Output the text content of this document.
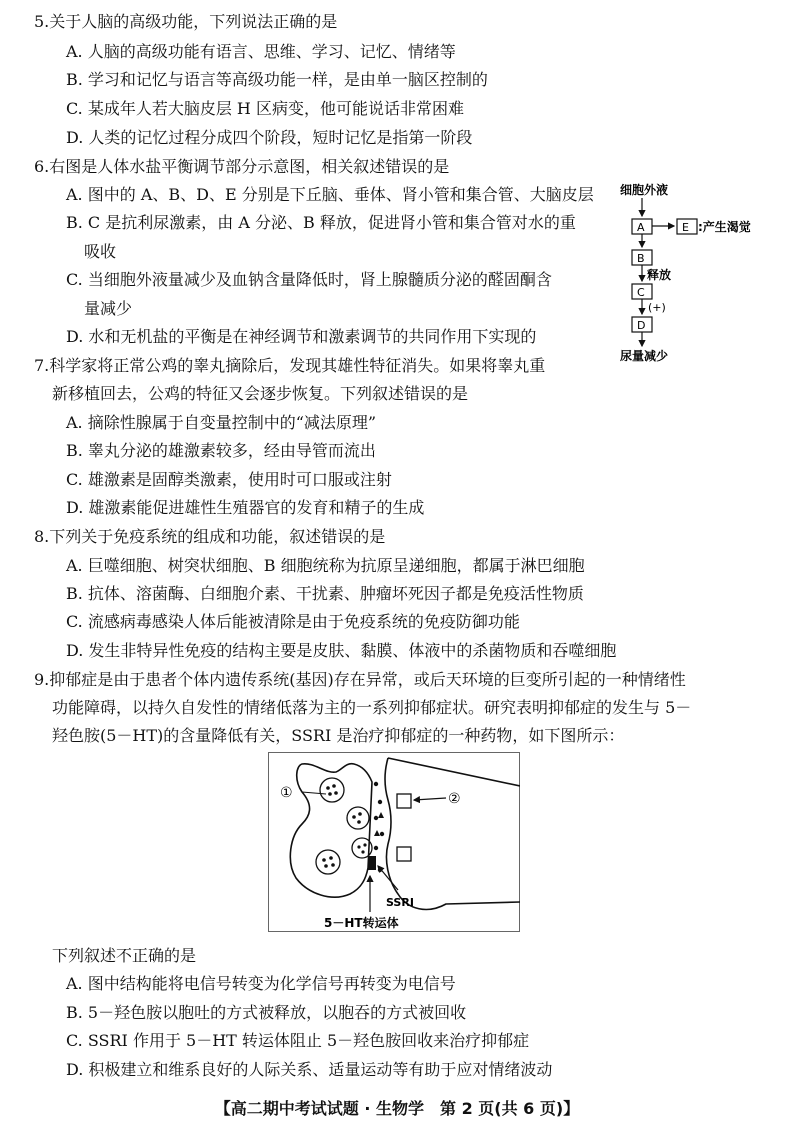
5.关于人脑的高级功能，下列说法正确的是
A. 人脑的高级功能有语言、思维、学习、记忆、情绪等
B. 学习和记忆与语言等高级功能一样，是由单一脑区控制的
C. 某成年人若大脑皮层 H 区病变，他可能说话非常困难
D. 人类的记忆过程分成四个阶段，短时记忆是指第一阶段
6.右图是人体水盐平衡调节部分示意图，相关叙述错误的是
A. 图中的 A、B、D、E 分别是下丘脑、垂体、肾小管和集合管、大脑皮层
B. C 是抗利尿激素，由 A 分泌、B 释放，促进肾小管和集合管对水的重
吸收
C. 当细胞外液量减少及血钠含量降低时，肾上腺髓质分泌的醛固酮含
量减少
D. 水和无机盐的平衡是在神经调节和激素调节的共同作用下实现的
细胞外液
A	E :产生渴觉
B
释放
C
(+)
D
尿量减少
7.科学家将正常公鸡的睾丸摘除后，发现其雄性特征消失。如果将睾丸重
新移植回去，公鸡的特征又会逐步恢复。下列叙述错误的是
A. 摘除性腺属于自变量控制中的“减法原理”
B. 睾丸分泌的雄激素较多，经由导管而流出
C. 雄激素是固醇类激素，使用时可口服或注射
D. 雄激素能促进雄性生殖器官的发育和精子的生成
8.下列关于免疫系统的组成和功能，叙述错误的是
A. 巨噬细胞、树突状细胞、B 细胞统称为抗原呈递细胞，都属于淋巴细胞
B. 抗体、溶菌酶、白细胞介素、干扰素、肿瘤坏死因子都是免疫活性物质
C. 流感病毒感染人体后能被清除是由于免疫系统的免疫防御功能
D. 发生非特异性免疫的结构主要是皮肤、黏膜、体液中的杀菌物质和吞噬细胞
9.抑郁症是由于患者个体内遗传系统(基因)存在异常，或后天环境的巨变所引起的一种情绪性
功能障碍，以持久自发性的情绪低落为主的一系列抑郁症状。研究表明抑郁症的发生与 5－
羟色胺(5－HT)的含量降低有关，SSRI 是治疗抑郁症的一种药物，如下图所示：
①	②
SSRI
5－HT转运体
下列叙述不正确的是
A. 图中结构能将电信号转变为化学信号再转变为电信号
B. 5－羟色胺以胞吐的方式被释放，以胞吞的方式被回收
C. SSRI 作用于 5－HT 转运体阻止 5－羟色胺回收来治疗抑郁症
D. 积极建立和维系良好的人际关系、适量运动等有助于应对情绪波动
【高二期中考试试题 · 生物学　第 2 页(共 6 页)】
